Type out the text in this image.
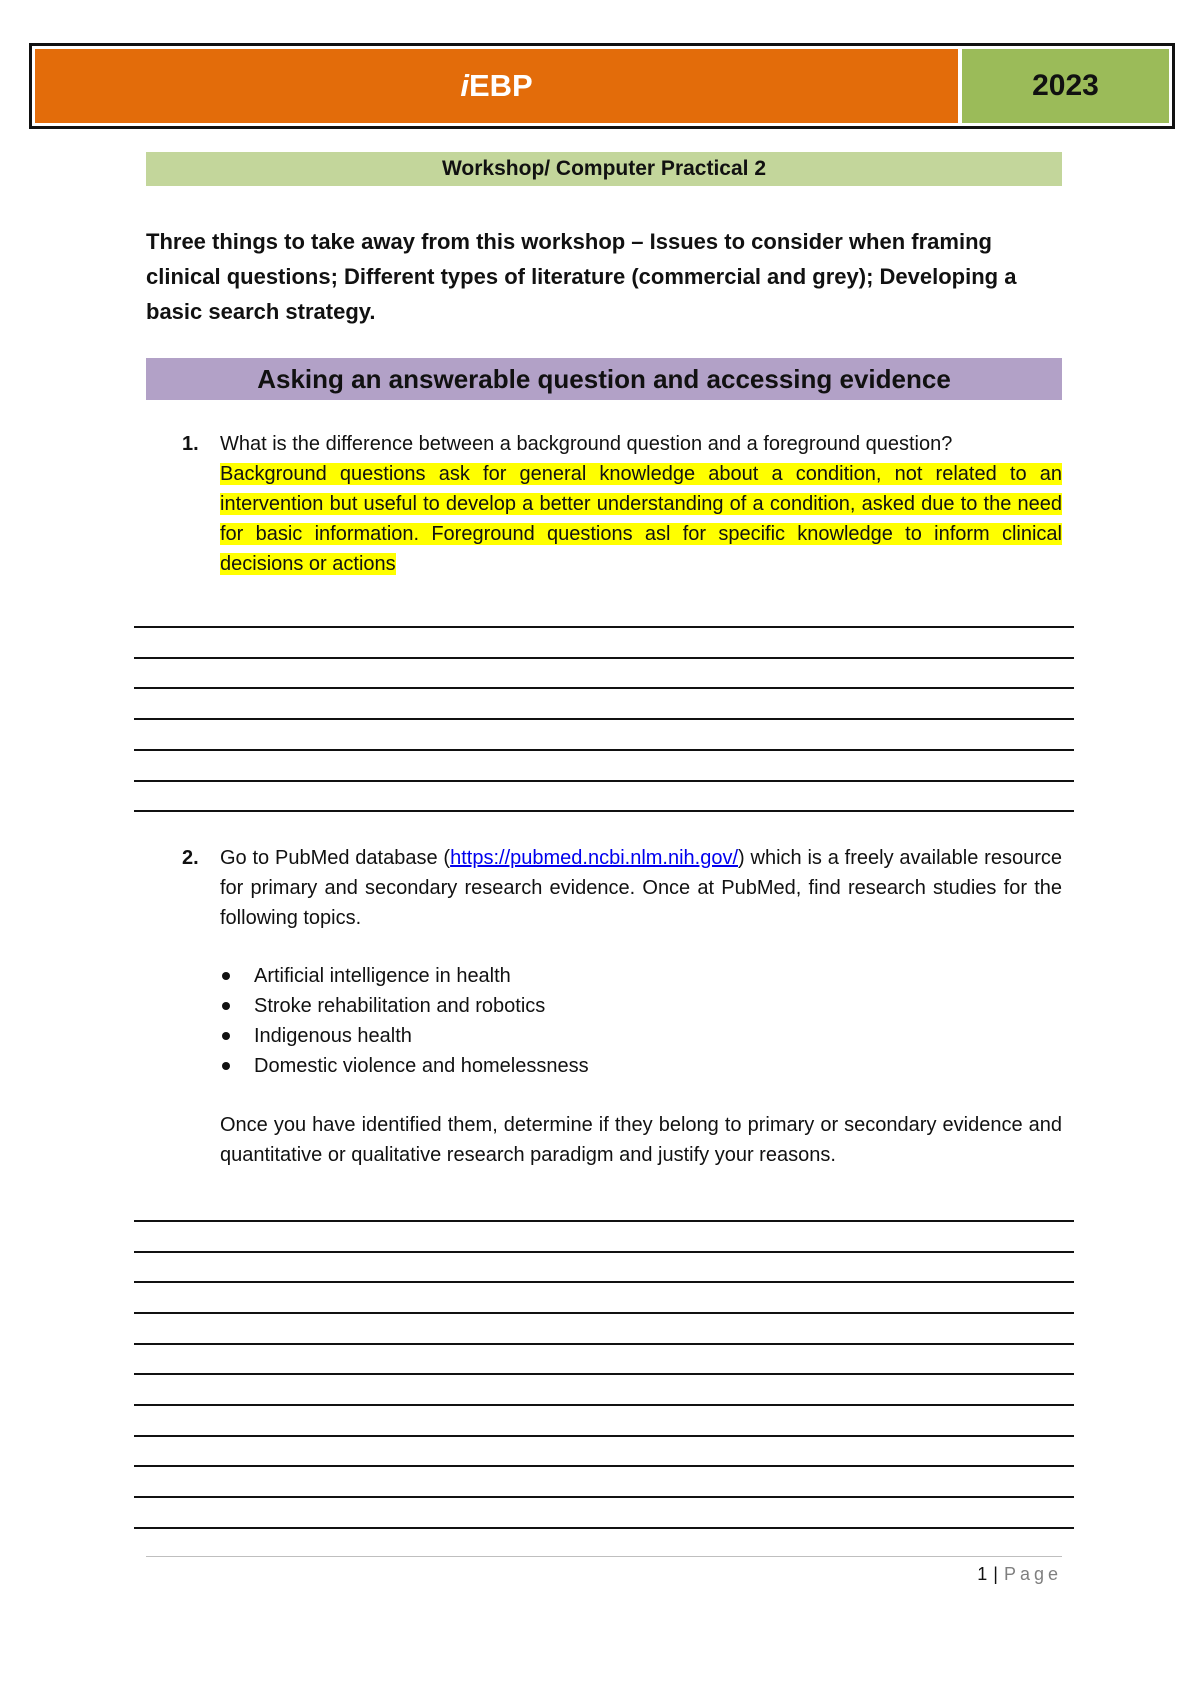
i EBP	2023
Workshop/ Computer Practical 2
Three things to take away from this workshop – Issues to consider when framing clinical questions; Different types of literature (commercial and grey); Developing a basic search strategy.
Asking an answerable question and accessing evidence
1. What is the difference between a background question and a foreground question?
Background questions ask for general knowledge about a condition, not related to an intervention but useful to develop a better understanding of a condition, asked due to the need for basic information. Foreground questions asl for specific knowledge to inform clinical decisions or actions
2. Go to PubMed database (https://pubmed.ncbi.nlm.nih.gov/) which is a freely available resource for primary and secondary research evidence. Once at PubMed, find research studies for the following topics.
Artificial intelligence in health
Stroke rehabilitation and robotics
Indigenous health
Domestic violence and homelessness
Once you have identified them, determine if they belong to primary or secondary evidence and quantitative or qualitative research paradigm and justify your reasons.
1 | Page
